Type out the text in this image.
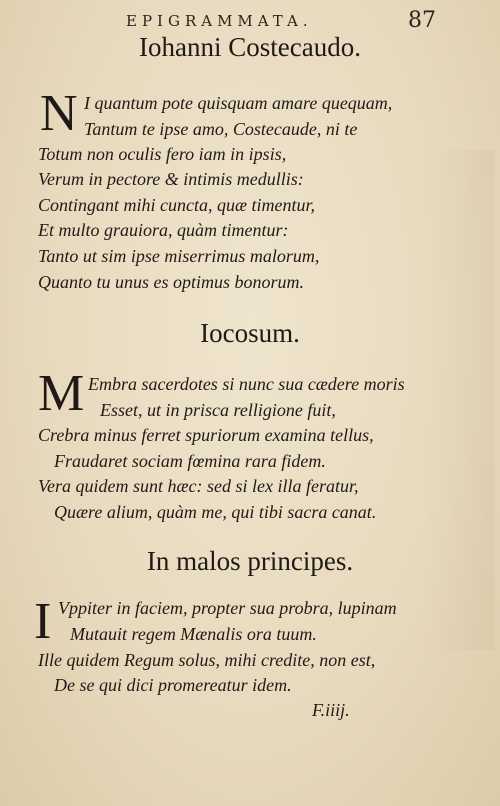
EPIGRAMMATA.	87
Iohanni Costecaudo.
N I quantum pote quisquam amare quequam,
Tantum te ipse amo, Costecaude, ni te
Totum non oculis fero iam in ipsis,
Verum in pectore & intimis medullis:
Contingant mihi cuncta, quæ timentur,
Et multo grauiora, quàm timentur:
Tanto ut sim ipse miserrimus malorum,
Quanto tu unus es optimus bonorum.
Iocosum.
M Embra sacerdotes si nunc sua cædere moris
Esset, ut in prisca relligione fuit,
Crebra minus ferret spuriorum examina tellus,
Fraudaret sociam fœmina rara fidem.
Vera quidem sunt hæc: sed si lex illa feratur,
Quære alium, quàm me, qui tibi sacra canat.
In malos principes.
I Vppiter in faciem, propter sua probra, lupinam
Mutauit regem Mænalis ora tuum.
Ille quidem Regum solus, mihi credite, non est,
De se qui dici promereatur idem.
F.iiij.
